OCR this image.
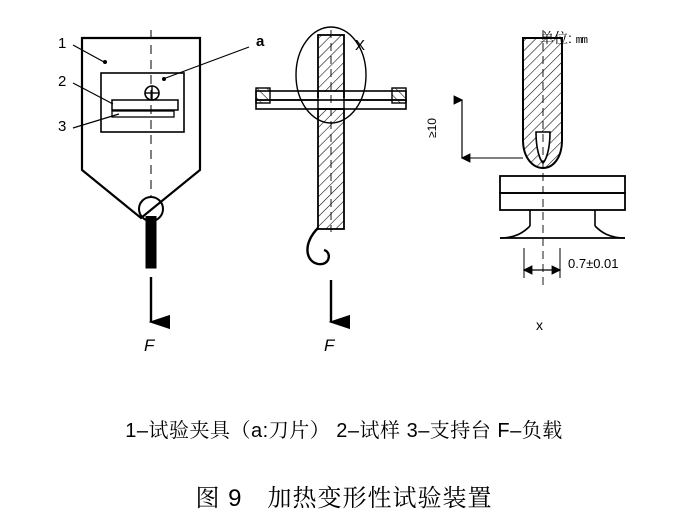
单位: mm
F
1
2
3
a	X
F
≥10
0.7±0.01
x
1–试验夹具（a:刀片） 2–试样 3–支持台 F–负载
图 9　加热变形性试验装置
